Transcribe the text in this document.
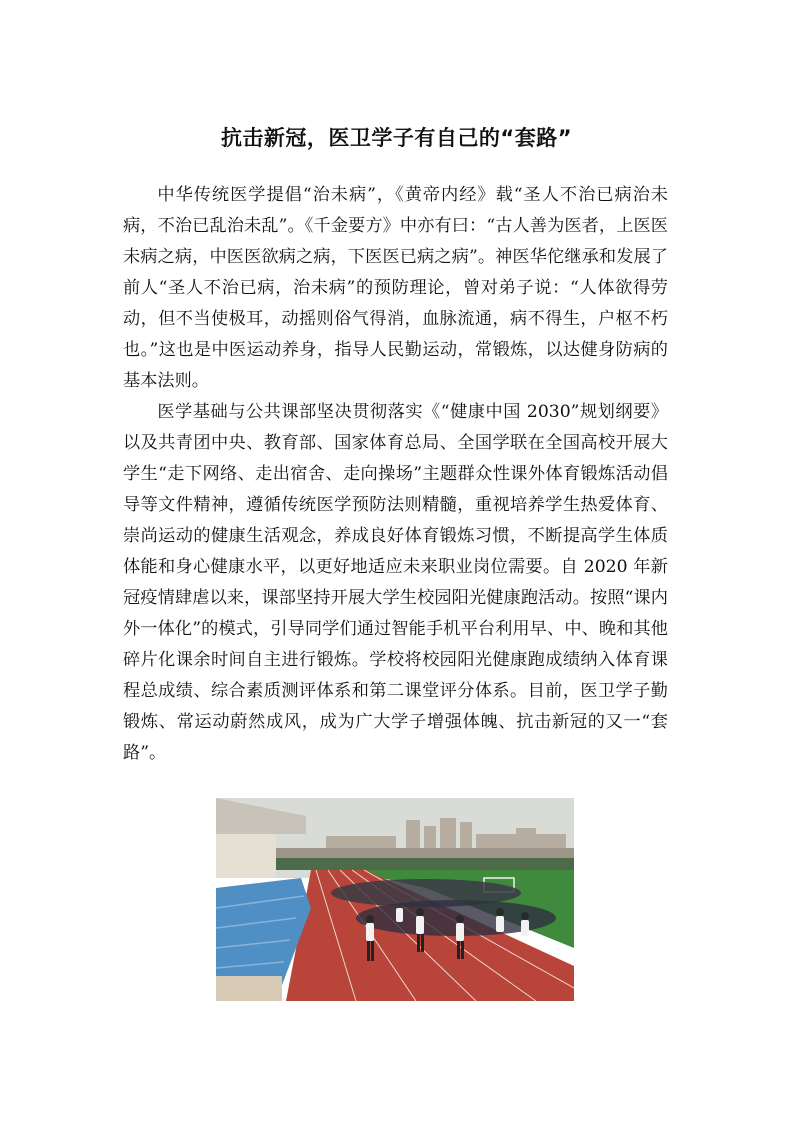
抗击新冠，医卫学子有自己的“套路”

中华传统医学提倡“治未病”，《黄帝内经》载“圣人不治已病治未病，不治已乱治未乱”。《千金要方》中亦有曰：“古人善为医者，上医医未病之病，中医医欲病之病，下医医已病之病”。神医华佗继承和发展了前人“圣人不治已病，治未病”的预防理论，曾对弟子说：“人体欲得劳动，但不当使极耳，动摇则俗气得消，血脉流通，病不得生，户枢不朽也。”这也是中医运动养身，指导人民勤运动，常锻炼，以达健身防病的基本法则。

医学基础与公共课部坚决贯彻落实《“健康中国 2030”规划纲要》以及共青团中央、教育部、国家体育总局、全国学联在全国高校开展大学生“走下网络、走出宿舍、走向操场”主题群众性课外体育锻炼活动倡导等文件精神，遵循传统医学预防法则精髓，重视培养学生热爱体育、崇尚运动的健康生活观念，养成良好体育锻炼习惯，不断提高学生体质体能和身心健康水平，以更好地适应未来职业岗位需要。自 2020 年新冠疫情肆虐以来，课部坚持开展大学生校园阳光健康跑活动。按照“课内外一体化”的模式，引导同学们通过智能手机平台利用早、中、晚和其他碎片化课余时间自主进行锻炼。学校将校园阳光健康跑成绩纳入体育课程总成绩、综合素质测评体系和第二课堂评分体系。目前，医卫学子勤锻炼、常运动蔚然成风，成为广大学子增强体魄、抗击新冠的又一“套路”。
